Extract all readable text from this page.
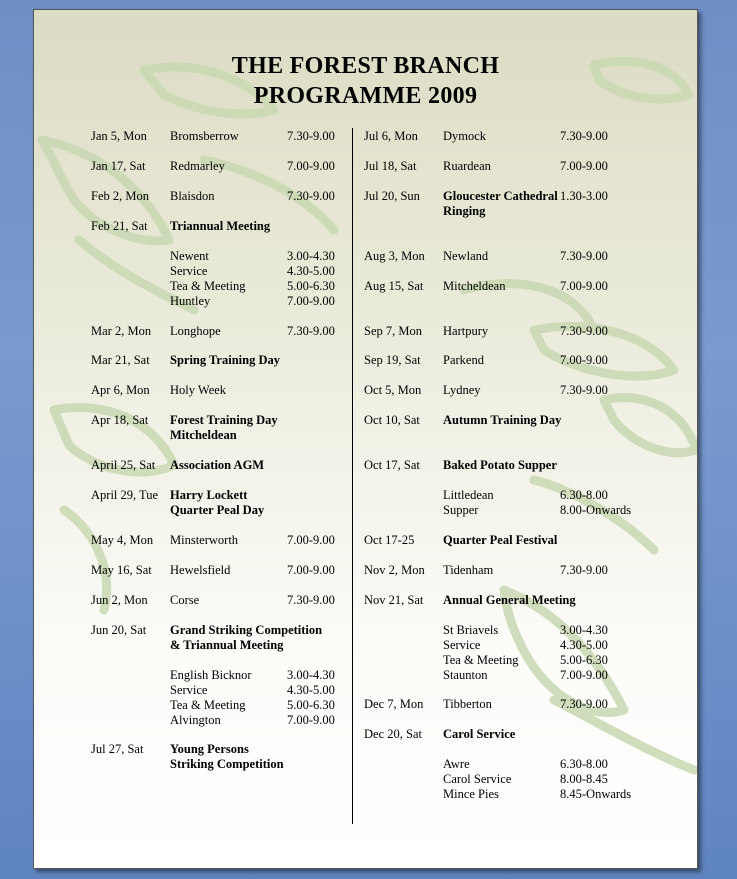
THE FOREST BRANCH
PROGRAMME 2009
Jan 5, Mon Bromsberrow	7.30-9.00
Jan 17, Sat Redmarley	7.00-9.00
Feb 2, Mon Blaisdon	7.30-9.00
Feb 21, Sat Triannual Meeting
Newent	3.00-4.30
Service	4.30-5.00
Tea & Meeting	5.00-6.30
Huntley	7.00-9.00
Mar 2, Mon Longhope	7.30-9.00
Mar 21, Sat Spring Training Day
Apr 6, Mon Holy Week
Apr 18, Sat Forest Training Day
Mitcheldean
April 25, Sat Association AGM
April 29, Tue Harry Lockett
Quarter Peal Day
May 4, Mon Minsterworth	7.00-9.00
May 16, Sat Hewelsfield	7.00-9.00
Jun 2, Mon Corse	7.30-9.00
Jun 20, Sat Grand Striking Competition
& Triannual Meeting
English Bicknor	3.00-4.30
Service	4.30-5.00
Tea & Meeting	5.00-6.30
Alvington	7.00-9.00
Jul 27, Sat Young Persons
Striking Competition
Jul 6, Mon Dymock	7.30-9.00
Jul 18, Sat Ruardean	7.00-9.00
Jul 20, Sun Gloucester Cathedral
Ringing
1.30-3.00
Aug 3, Mon Newland	7.30-9.00
Aug 15, Sat Mitcheldean	7.00-9.00
Sep 7, Mon Hartpury	7.30-9.00
Sep 19, Sat Parkend	7.00-9.00
Oct 5, Mon Lydney	7.30-9.00
Oct 10, Sat Autumn Training Day
Oct 17, Sat Baked Potato Supper
Littledean	6.30-8.00
Supper	8.00-Onwards
Oct 17-25 Quarter Peal Festival
Nov 2, Mon Tidenham	7.30-9.00
Nov 21, Sat Annual General Meeting
St Briavels	3.00-4.30
Service	4.30-5.00
Tea & Meeting	5.00-6.30
Staunton	7.00-9.00
Dec 7, Mon Tibberton	7.30-9.00
Dec 20, Sat Carol Service
Awre	6.30-8.00
Carol Service	8.00-8.45
Mince Pies	8.45-Onwards
